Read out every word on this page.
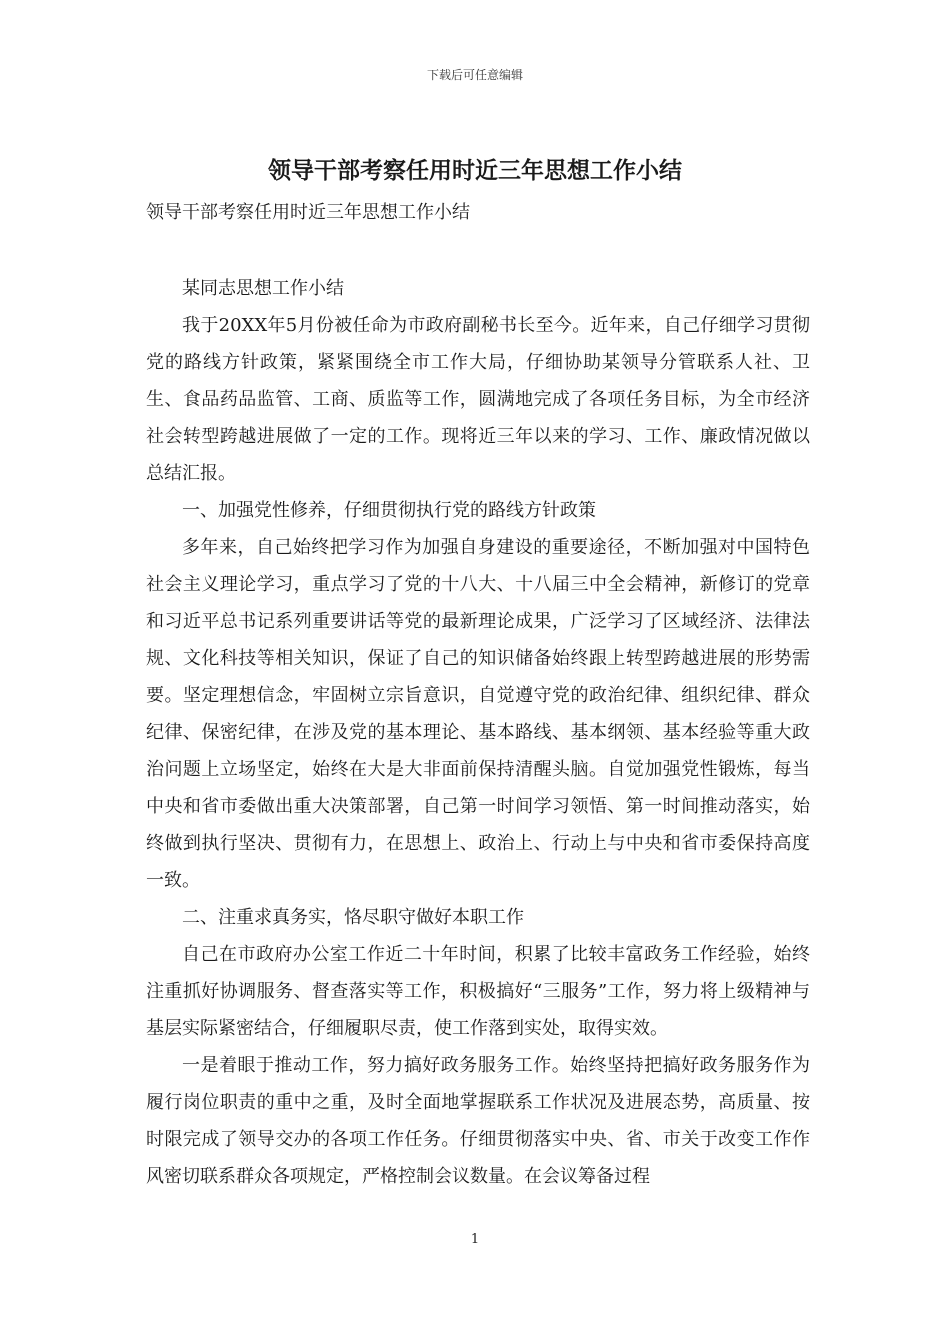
下载后可任意编辑
领导干部考察任用时近三年思想工作小结
领导干部考察任用时近三年思想工作小结

某同志思想工作小结

我于20XX年5月份被任命为市政府副秘书长至今。近年来，自己仔细学习贯彻党的路线方针政策，紧紧围绕全市工作大局，仔细协助某领导分管联系人社、卫生、食品药品监管、工商、质监等工作，圆满地完成了各项任务目标，为全市经济社会转型跨越进展做了一定的工作。现将近三年以来的学习、工作、廉政情况做以总结汇报。

一、加强党性修养，仔细贯彻执行党的路线方针政策

多年来，自己始终把学习作为加强自身建设的重要途径，不断加强对中国特色社会主义理论学习，重点学习了党的十八大、十八届三中全会精神，新修订的党章和习近平总书记系列重要讲话等党的最新理论成果，广泛学习了区域经济、法律法规、文化科技等相关知识，保证了自己的知识储备始终跟上转型跨越进展的形势需要。坚定理想信念，牢固树立宗旨意识，自觉遵守党的政治纪律、组织纪律、群众纪律、保密纪律，在涉及党的基本理论、基本路线、基本纲领、基本经验等重大政治问题上立场坚定，始终在大是大非面前保持清醒头脑。自觉加强党性锻炼，每当中央和省市委做出重大决策部署，自己第一时间学习领悟、第一时间推动落实，始终做到执行坚决、贯彻有力，在思想上、政治上、行动上与中央和省市委保持高度一致。

二、注重求真务实，恪尽职守做好本职工作

自己在市政府办公室工作近二十年时间，积累了比较丰富政务工作经验，始终注重抓好协调服务、督查落实等工作，积极搞好“三服务”工作，努力将上级精神与基层实际紧密结合，仔细履职尽责，使工作落到实处，取得实效。

一是着眼于推动工作，努力搞好政务服务工作。始终坚持把搞好政务服务作为履行岗位职责的重中之重，及时全面地掌握联系工作状况及进展态势，高质量、按时限完成了领导交办的各项工作任务。仔细贯彻落实中央、省、市关于改变工作作风密切联系群众各项规定，严格控制会议数量。在会议筹备过程

1
